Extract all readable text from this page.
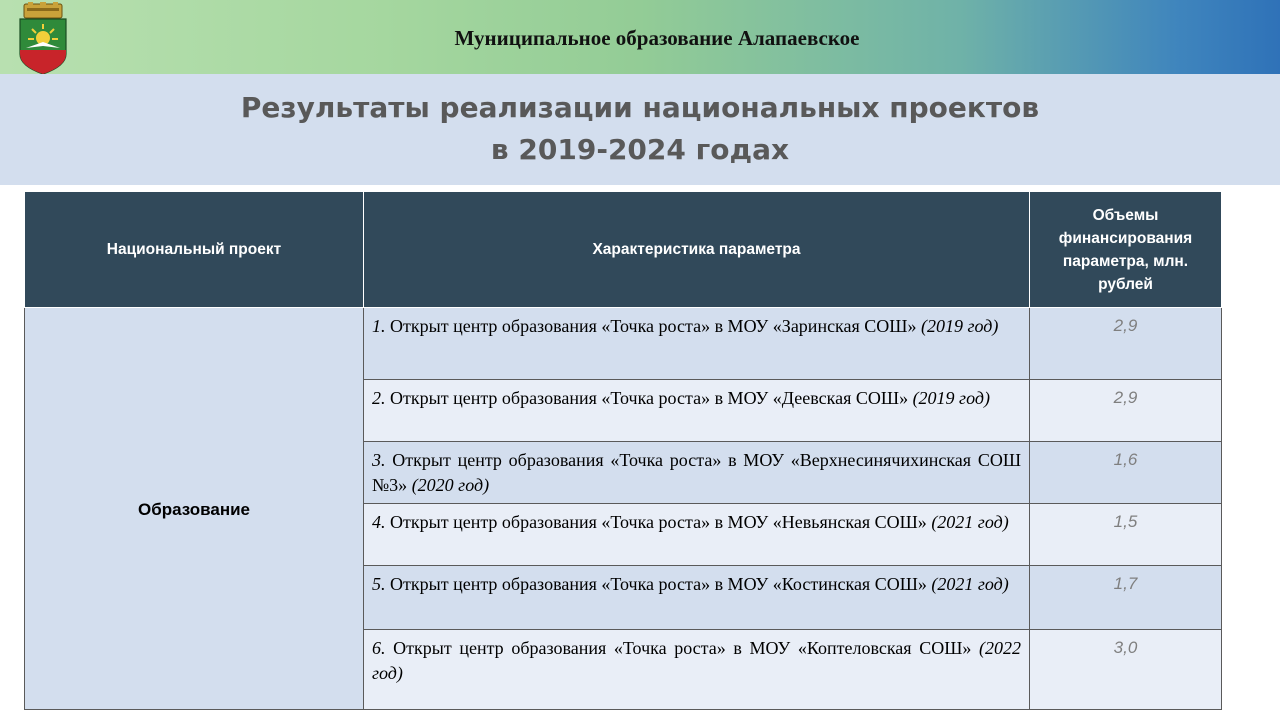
Муниципальное образование Алапаевское
Результаты реализации национальных проектов
в 2019-2024 годах
Национальный проект	Характеристика параметра	Объемы финансирования параметра, млн. рублей
Образование	1. Открыт центр образования «Точка роста» в МОУ «Заринская СОШ» (2019 год)	2,9
	2. Открыт центр образования «Точка роста» в МОУ «Деевская СОШ» (2019 год)	2,9
	3. Открыт центр образования «Точка роста» в МОУ «Верхнесинячихинская СОШ №3» (2020 год)	1,6
	4. Открыт центр образования «Точка роста» в МОУ «Невьянская СОШ» (2021 год)	1,5
	5. Открыт центр образования «Точка роста» в МОУ «Костинская СОШ» (2021 год)	1,7
	6. Открыт центр образования «Точка роста» в МОУ «Коптеловская СОШ» (2022 год)	3,0
